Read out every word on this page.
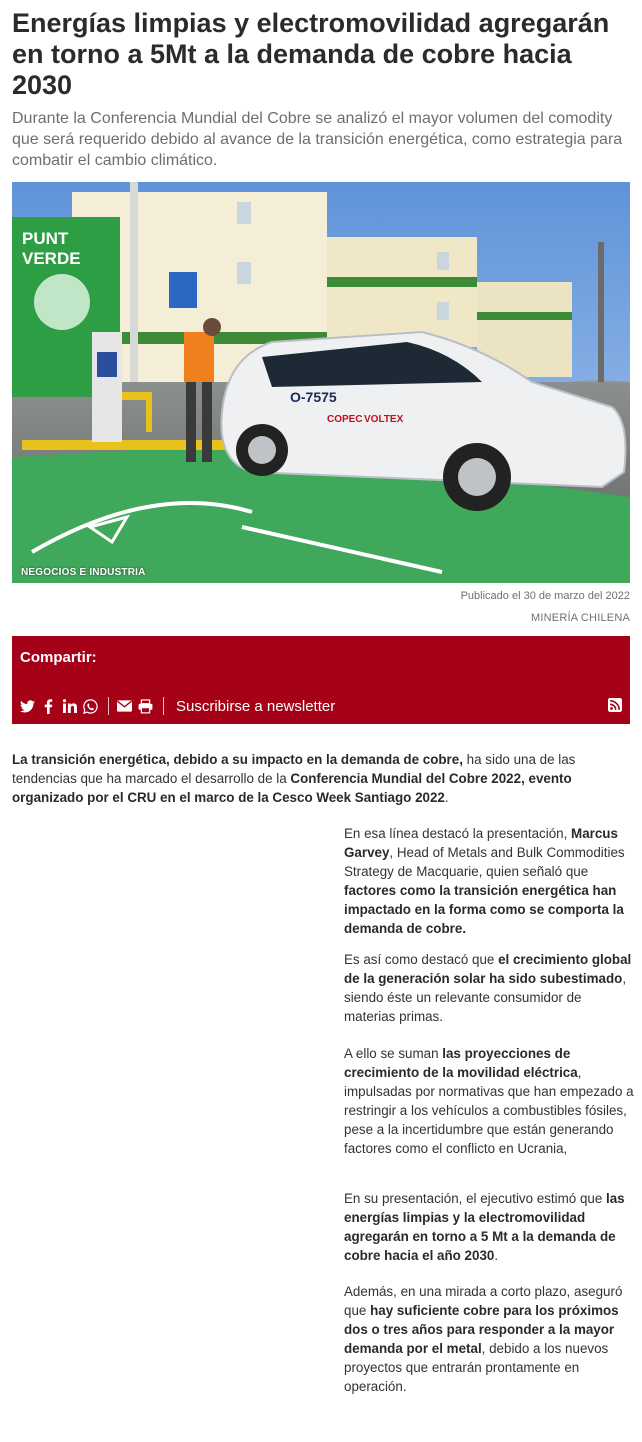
Energías limpias y electromovilidad agregarán en torno a 5Mt a la demanda de cobre hacia 2030
Durante la Conferencia Mundial del Cobre se analizó el mayor volumen del comodity que será requerido debido al avance de la transición energética, como estrategia para combatir el cambio climático.
PUNT
VERDE
O-7575
COPEC VOLTEX
NEGOCIOS E INDUSTRIA
Publicado el 30 de marzo del 2022
MINERÍA CHILENA
Compartir:
Suscribirse a newsletter
La transición energética, debido a su impacto en la demanda de cobre, ha sido una de las tendencias que ha marcado el desarrollo de la Conferencia Mundial del Cobre 2022, evento organizado por el CRU en el marco de la Cesco Week Santiago 2022.

En esa línea destacó la presentación, Marcus Garvey, Head of Metals and Bulk Commodities Strategy de Macquarie, quien señaló que factores como la transición energética han impactado en la forma como se comporta la demanda de cobre.

Es así como destacó que el crecimiento global de la generación solar ha sido subestimado, siendo éste un relevante consumidor de materias primas.

A ello se suman las proyecciones de crecimiento de la movilidad eléctrica, impulsadas por normativas que han empezado a restringir a los vehículos a combustibles fósiles, pese a la incertidumbre que están generando factores como el conflicto en Ucrania,

En su presentación, el ejecutivo estimó que las energías limpias y la electromovilidad agregarán en torno a 5 Mt a la demanda de cobre hacia el año 2030.

Además, en una mirada a corto plazo, aseguró que hay suficiente cobre para los próximos dos o tres años para responder a la mayor demanda por el metal, debido a los nuevos proyectos que entrarán prontamente en operación.
